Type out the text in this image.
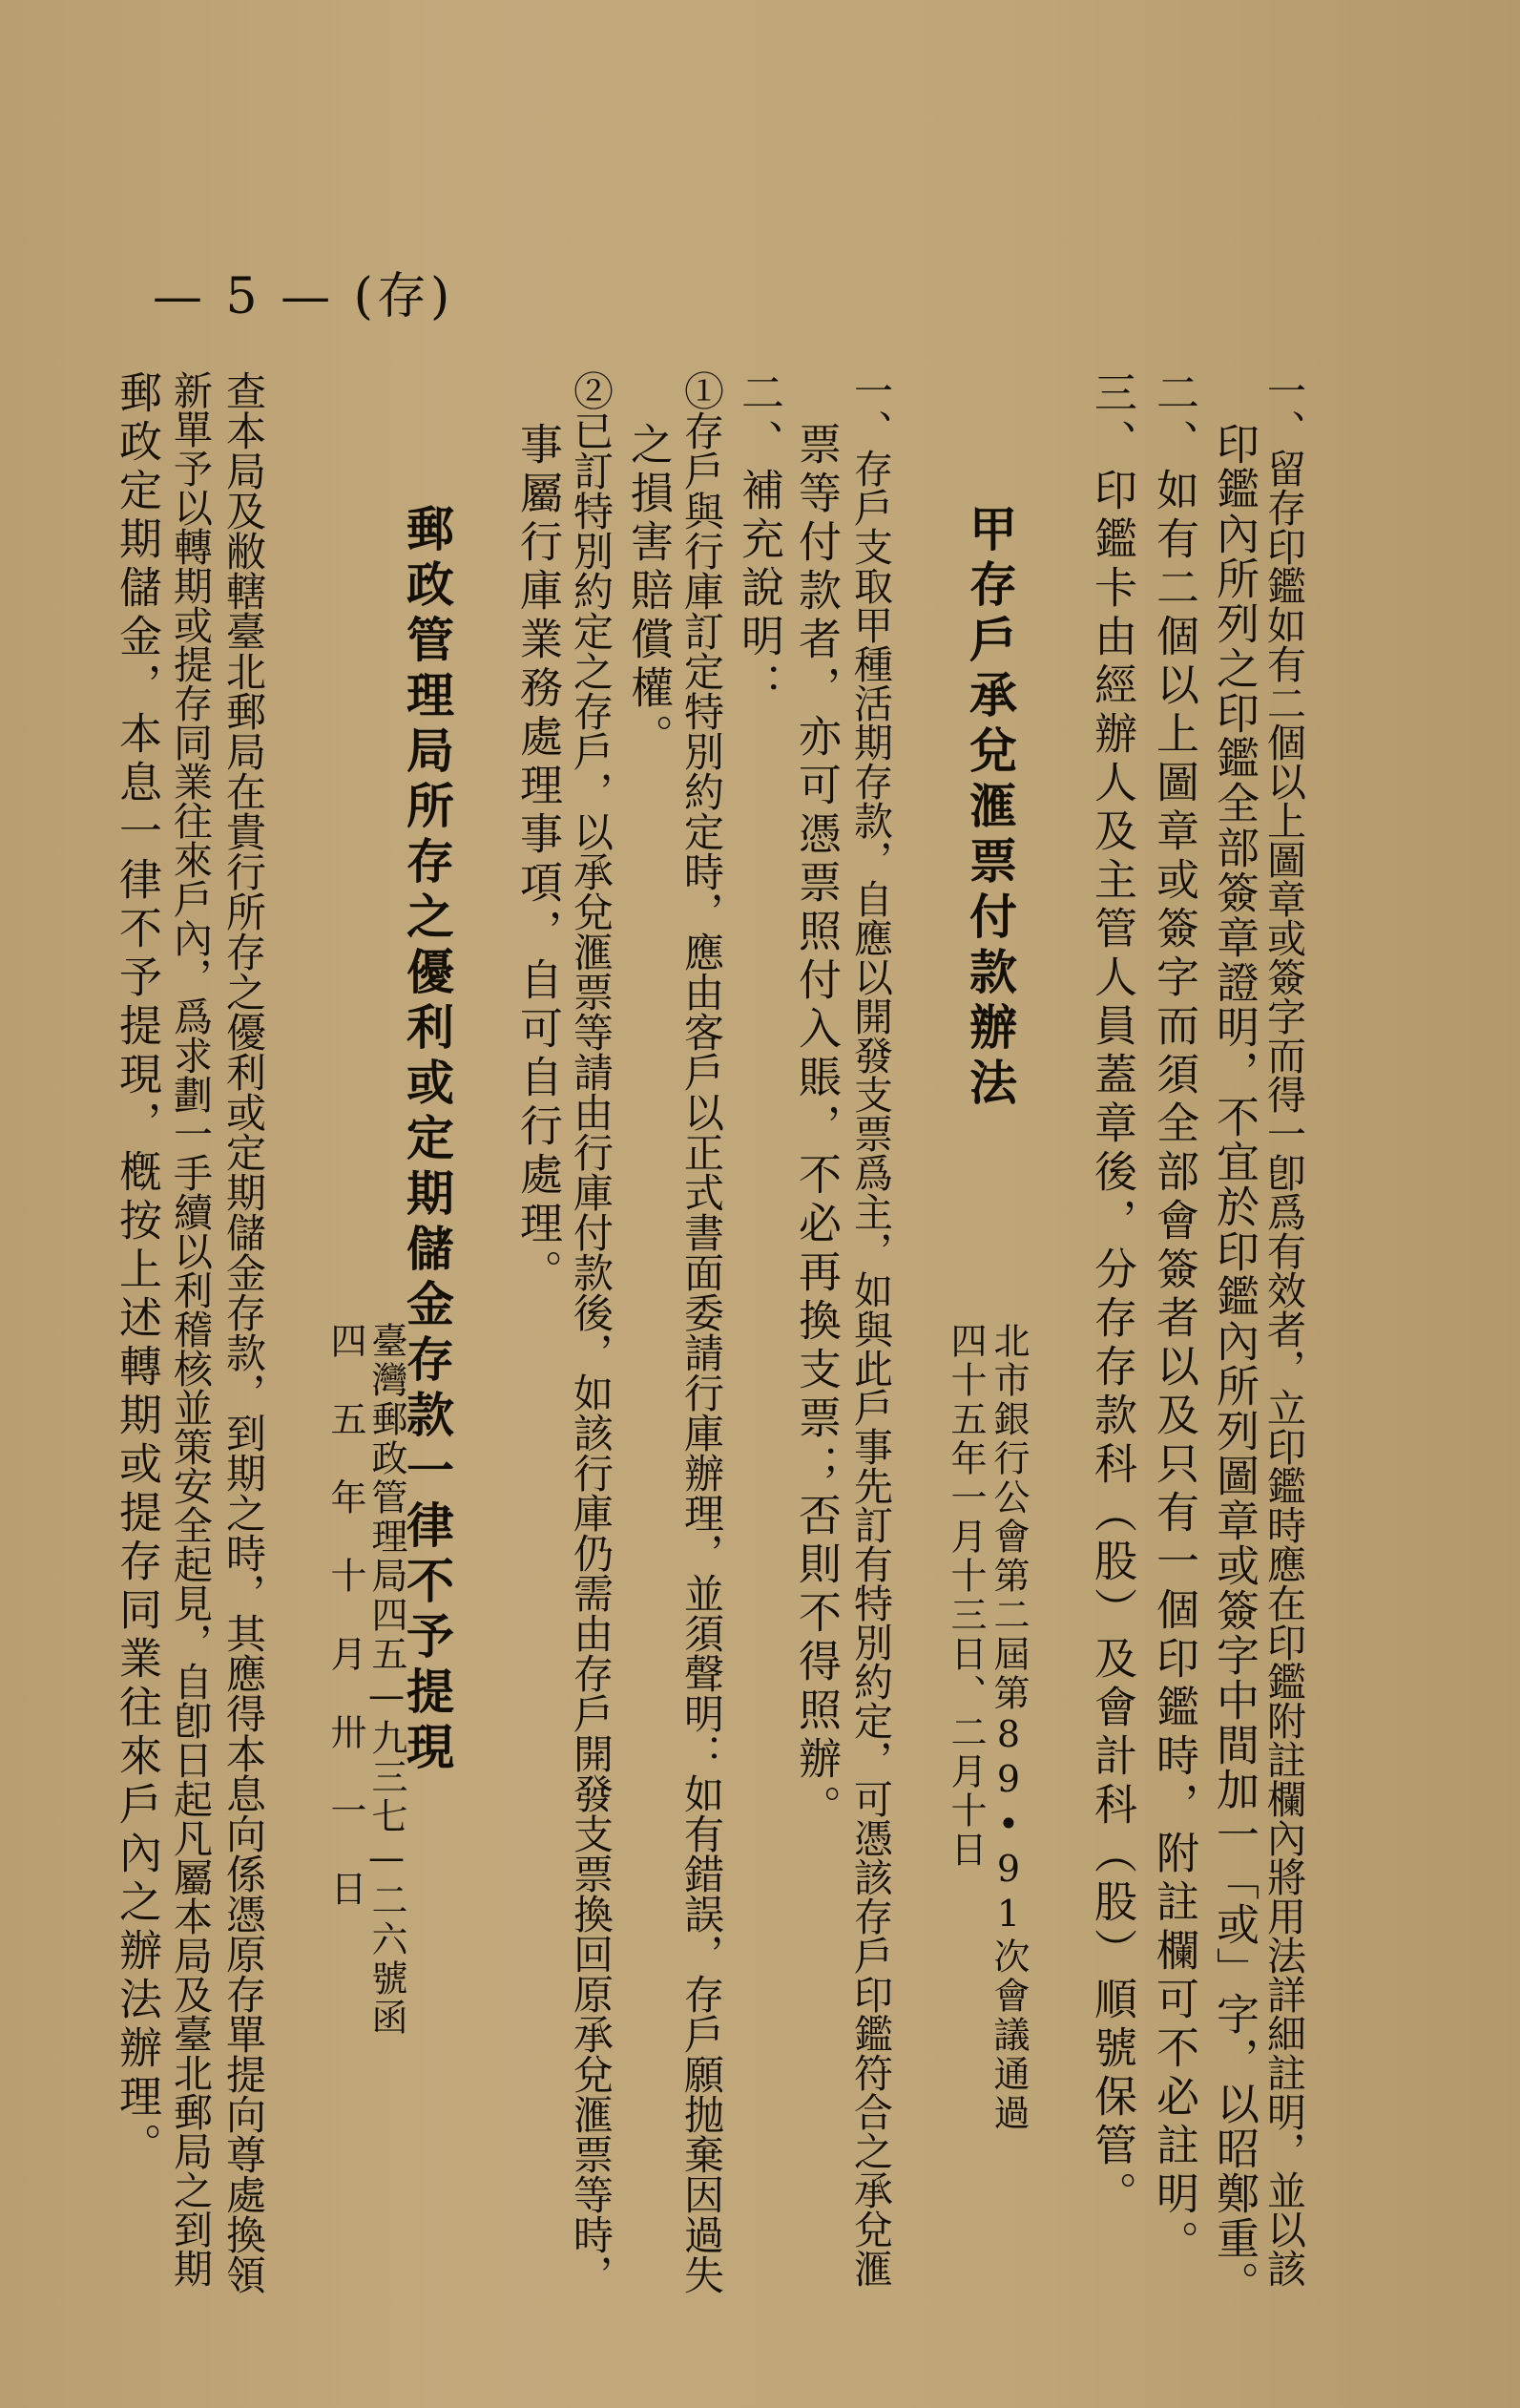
一、留存印鑑如有二個以上圖章或簽字而得一卽爲有效者，立印鑑時應在印鑑附註欄內將用法詳細註明，並以該
印鑑內所列之印鑑全部簽章證明，不宜於印鑑內所列圖章或簽字中間加一「或」字，以昭鄭重。
二、如有二個以上圖章或簽字而須全部會簽者以及只有一個印鑑時，附註欄可不必註明。
三、印鑑卡由經辦人及主管人員蓋章後，分存存款科（股）及會計科（股）順號保管。
甲存戶承兌滙票付款辦法
北市銀行公會第二屆第89•91次會議通過
四十五年一月十三日、二月十日
一、存戶支取甲種活期存款，自應以開發支票爲主，如與此戶事先訂有特別約定，可憑該存戶印鑑符合之承兌滙
票等付款者，亦可憑票照付入賬，不必再換支票；否則不得照辦。
二、補充說明：
①存戶與行庫訂定特別約定時，應由客戶以正式書面委請行庫辦理，並須聲明：如有錯誤，存戶願抛棄因過失
之損害賠償權。
②已訂特別約定之存戶，以承兌滙票等請由行庫付款後，如該行庫仍需由存戶開發支票換回原承兌滙票等時，
事屬行庫業務處理事項，自可自行處理。
郵政管理局所存之優利或定期儲金存款一律不予提現
臺灣郵政管理局四五—九三七—二六號函
四　五　年　十　月　卅　一　日
查本局及敝轄臺北郵局在貴行所存之優利或定期儲金存款，到期之時，其應得本息向係憑原存單提向尊處換領
新單予以轉期或提存同業往來戶內，爲求劃一手續以利稽核並策安全起見，自卽日起凡屬本局及臺北郵局之到期
郵政定期儲金，本息一律不予提現，槪按上述轉期或提存同業往來戶內之辦法辦理。
— 5 — (存)
